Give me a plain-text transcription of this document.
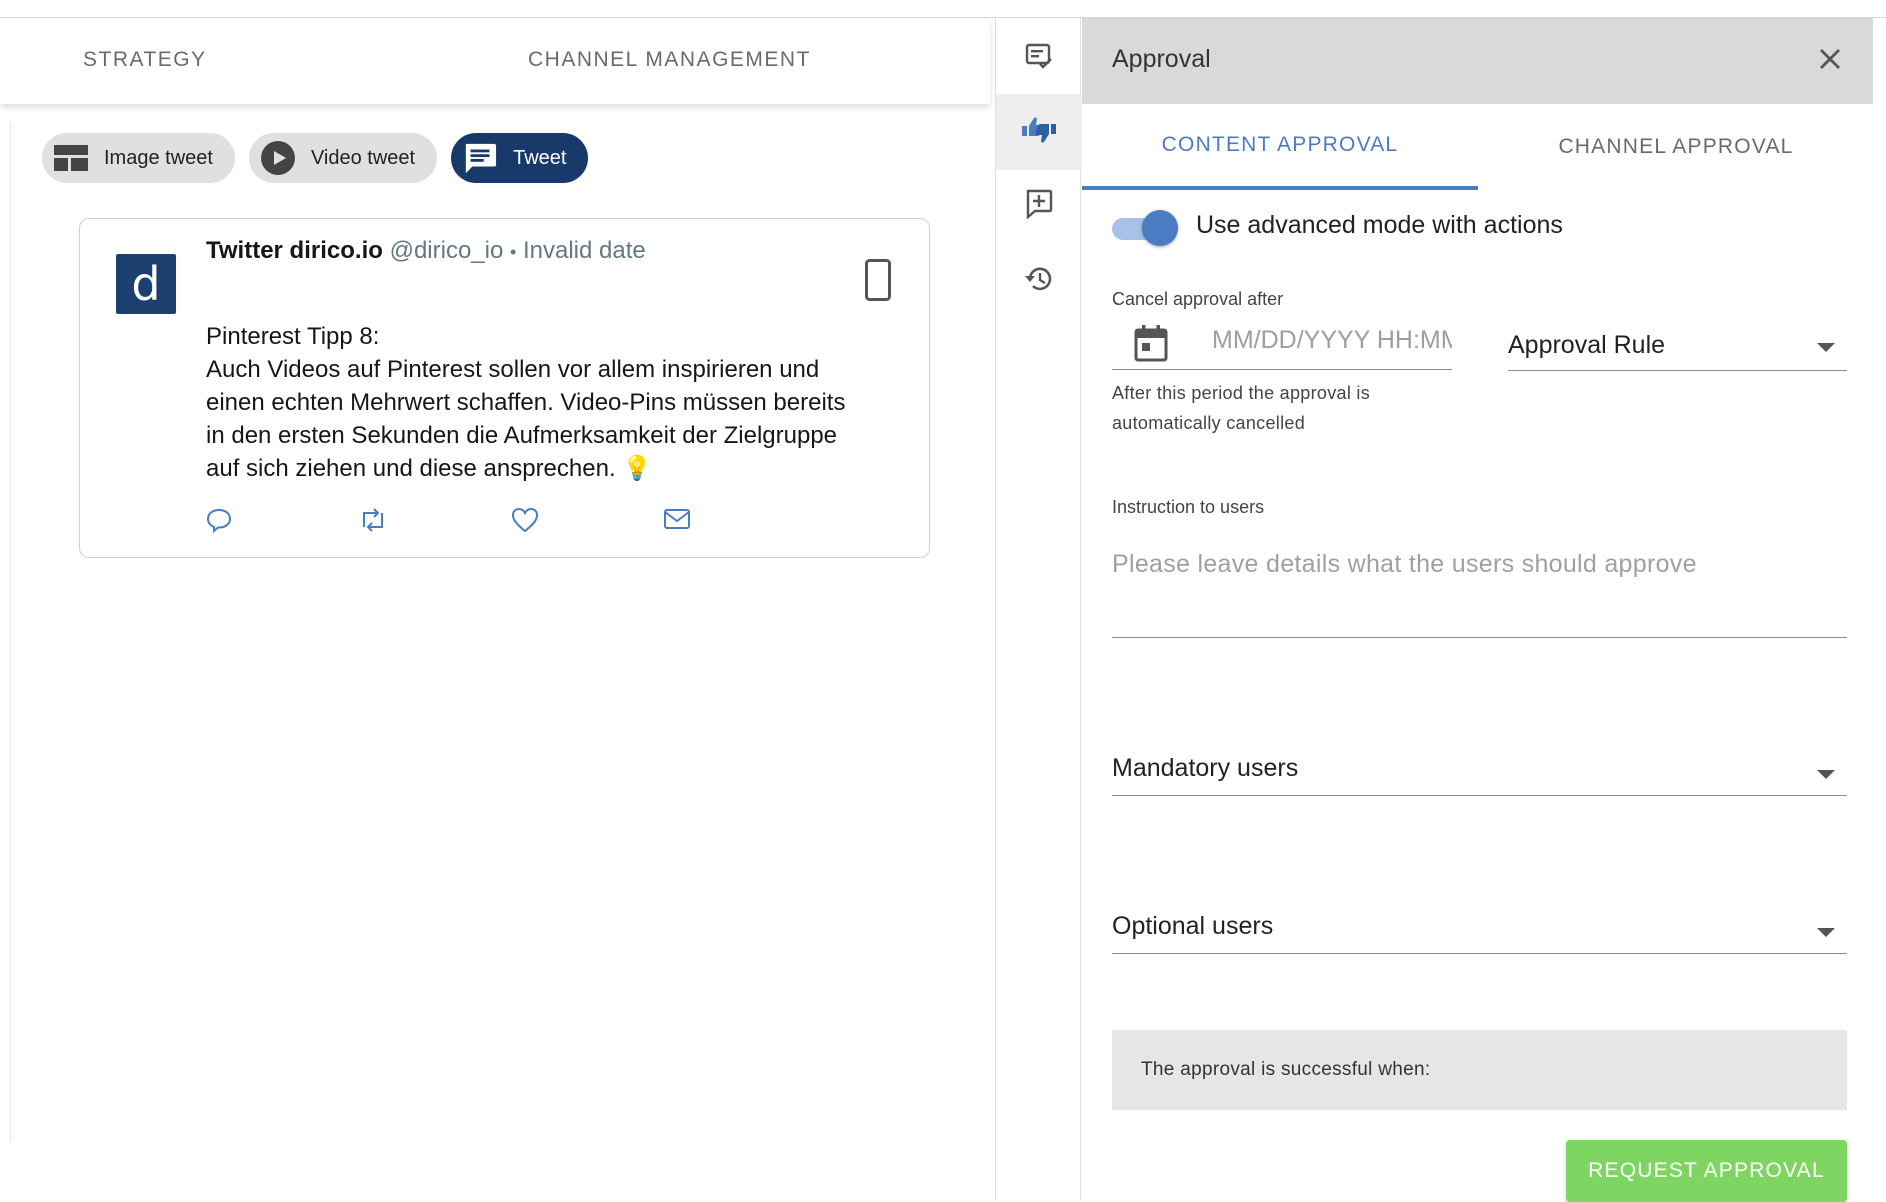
STRATEGY	CHANNEL MANAGEMENT
Image tweet	Video tweet	Tweet
d
Twitter dirico.io @dirico_io • Invalid date
Pinterest Tipp 8:
Auch Videos auf Pinterest sollen vor allem inspirieren und
einen echten Mehrwert schaffen. Video-Pins müssen bereits
in den ersten Sekunden die Aufmerksamkeit der Zielgruppe
auf sich ziehen und diese ansprechen. 💡
Approval
CONTENT APPROVAL	CHANNEL APPROVAL
Use advanced mode with actions
Cancel approval after
MM/DD/YYYY HH:MM
After this period the approval is
automatically cancelled
Approval Rule
Instruction to users
Please leave details what the users should approve
Mandatory users
Optional users
The approval is successful when:
REQUEST APPROVAL
